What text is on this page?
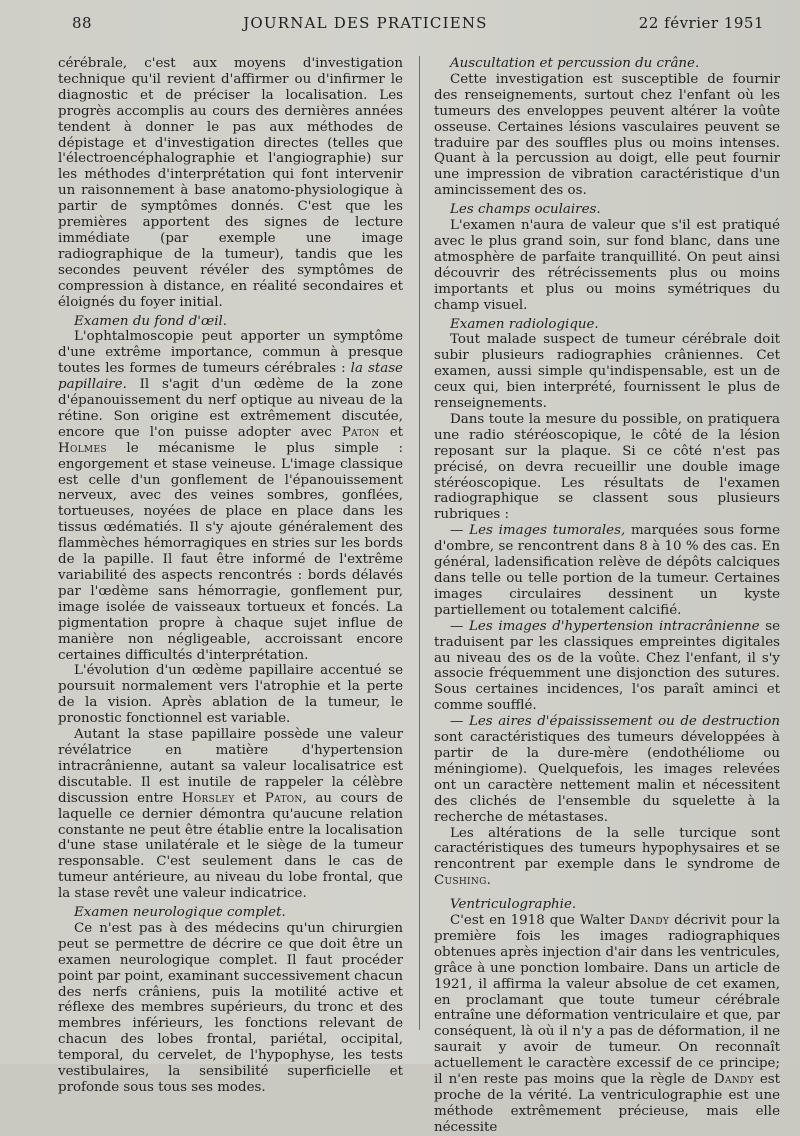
88	JOURNAL DES PRATICIENS	22 février 1951

cérébrale, c'est aux moyens d'investigation technique qu'il revient d'affirmer ou d'infirmer le diagnostic et de préciser la localisation. Les progrès accomplis au cours des dernières années tendent à donner le pas aux méthodes de dépistage et d'investigation directes (telles que l'électroencéphalographie et l'angiographie) sur les méthodes d'interprétation qui font intervenir un raisonnement à base anatomo-physiologique à partir de symptômes donnés. C'est que les premières apportent des signes de lecture immédiate (par exemple une image radiographique de la tumeur), tandis que les secondes peuvent révéler des symptômes de compression à distance, en réalité secondaires et éloignés du foyer initial.

Examen du fond d'œil.

L'ophtalmoscopie peut apporter un symptôme d'une extrême importance, commun à presque toutes les formes de tumeurs cérébrales : la stase papillaire. Il s'agit d'un œdème de la zone d'épanouissement du nerf optique au niveau de la rétine. Son origine est extrêmement discutée, encore que l'on puisse adopter avec Paton et Holmes le mécanisme le plus simple : engorgement et stase veineuse. L'image classique est celle d'un gonflement de l'épanouissement nerveux, avec des veines sombres, gonflées, tortueuses, noyées de place en place dans les tissus œdématiés. Il s'y ajoute généralement des flammèches hémorragiques en stries sur les bords de la papille. Il faut être informé de l'extrême variabilité des aspects rencontrés : bords délavés par l'œdème sans hémorragie, gonflement pur, image isolée de vaisseaux tortueux et foncés. La pigmentation propre à chaque sujet influe de manière non négligeable, accroissant encore certaines difficultés d'interprétation.

L'évolution d'un œdème papillaire accentué se poursuit normalement vers l'atrophie et la perte de la vision. Après ablation de la tumeur, le pronostic fonctionnel est variable.

Autant la stase papillaire possède une valeur révélatrice en matière d'hypertension intracrânienne, autant sa valeur localisatrice est discutable. Il est inutile de rappeler la célèbre discussion entre Horsley et Paton, au cours de laquelle ce dernier démontra qu'aucune relation constante ne peut être établie entre la localisation d'une stase unilatérale et le siège de la tumeur responsable. C'est seulement dans le cas de tumeur antérieure, au niveau du lobe frontal, que la stase revêt une valeur indicatrice.

Examen neurologique complet.

Ce n'est pas à des médecins qu'un chirurgien peut se permettre de décrire ce que doit être un examen neurologique complet. Il faut procéder point par point, examinant successivement chacun des nerfs crâniens, puis la motilité active et réflexe des membres supérieurs, du tronc et des membres inférieurs, les fonctions relevant de chacun des lobes frontal, pariétal, occipital, temporal, du cervelet, de l'hypophyse, les tests vestibulaires, la sensibilité superficielle et profonde sous tous ses modes.

Auscultation et percussion du crâne.

Cette investigation est susceptible de fournir des renseignements, surtout chez l'enfant où les tumeurs des enveloppes peuvent altérer la voûte osseuse. Certaines lésions vasculaires peuvent se traduire par des souffles plus ou moins intenses. Quant à la percussion au doigt, elle peut fournir une impression de vibration caractéristique d'un amincissement des os.

Les champs oculaires.

L'examen n'aura de valeur que s'il est pratiqué avec le plus grand soin, sur fond blanc, dans une atmosphère de parfaite tranquillité. On peut ainsi découvrir des rétrécissements plus ou moins importants et plus ou moins symétriques du champ visuel.

Examen radiologique.

Tout malade suspect de tumeur cérébrale doit subir plusieurs radiographies crâniennes. Cet examen, aussi simple qu'indispensable, est un de ceux qui, bien interprété, fournissent le plus de renseignements.

Dans toute la mesure du possible, on pratiquera une radio stéréoscopique, le côté de la lésion reposant sur la plaque. Si ce côté n'est pas précisé, on devra recueillir une double image stéréoscopique. Les résultats de l'examen radiographique se classent sous plusieurs rubriques :

— Les images tumorales, marquées sous forme d'ombre, se rencontrent dans 8 à 10 % des cas. En général, ladensification relève de dépôts calciques dans telle ou telle portion de la tumeur. Certaines images circulaires dessinent un kyste partiellement ou totalement calcifié.

— Les images d'hypertension intracrânienne se traduisent par les classiques empreintes digitales au niveau des os de la voûte. Chez l'enfant, il s'y associe fréquemment une disjonction des sutures. Sous certaines incidences, l'os paraît aminci et comme soufflé.

— Les aires d'épaississement ou de destruction sont caractéristiques des tumeurs développées à partir de la dure-mère (endothéliome ou méningiome). Quelquefois, les images relevées ont un caractère nettement malin et nécessitent des clichés de l'ensemble du squelette à la recherche de métastases.

Les altérations de la selle turcique sont caractéristiques des tumeurs hypophysaires et se rencontrent par exemple dans le syndrome de Cushing.

Ventriculographie.

C'est en 1918 que Walter Dandy décrivit pour la première fois les images radiographiques obtenues après injection d'air dans les ventricules, grâce à une ponction lombaire. Dans un article de 1921, il affirma la valeur absolue de cet examen, en proclamant que toute tumeur cérébrale entraîne une déformation ventriculaire et que, par conséquent, là où il n'y a pas de déformation, il ne saurait y avoir de tumeur. On reconnaît actuellement le caractère excessif de ce principe; il n'en reste pas moins que la règle de Dandy est proche de la vérité. La ventriculographie est une méthode extrêmement précieuse, mais elle nécessite
